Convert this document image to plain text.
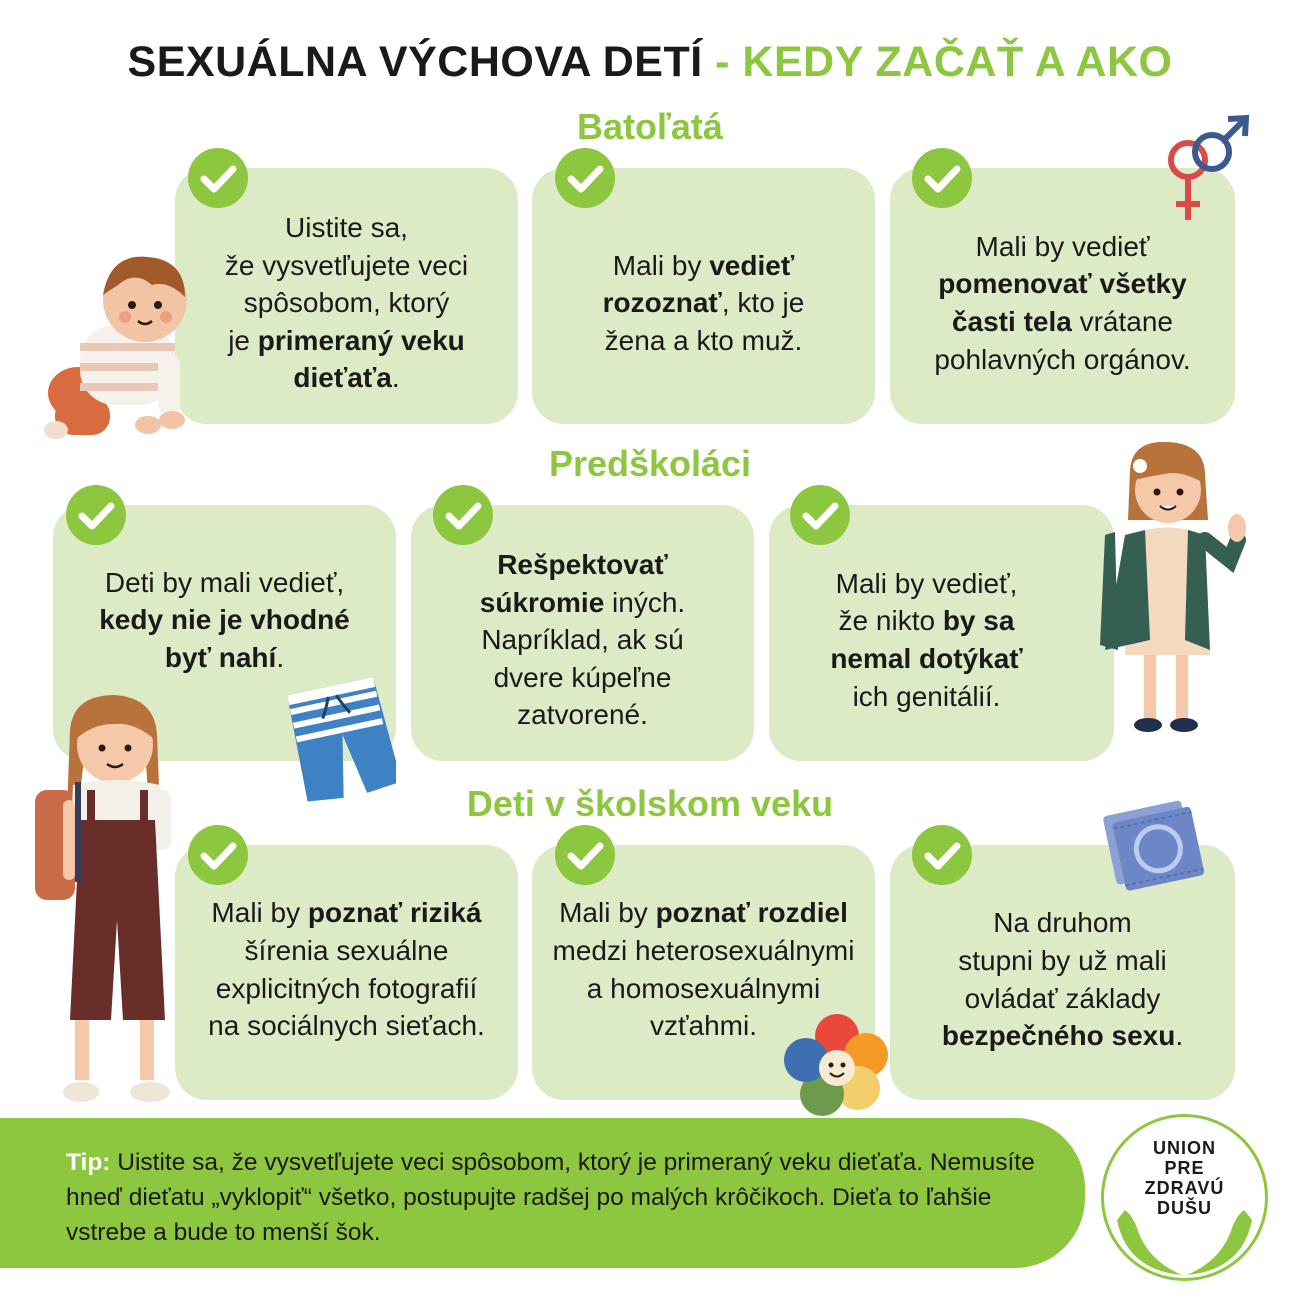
SEXUÁLNA VÝCHOVA DETÍ - KEDY ZAČAŤ A AKO
Batoľatá
Uistite sa,
že vysvetľujete veci
spôsobom, ktorý
je primeraný veku
dieťaťa.
Mali by vedieť
rozoznať, kto je
žena a kto muž.
Mali by vedieť
pomenovať všetky
časti tela vrátane
pohlavných orgánov.
Predškoláci
Deti by mali vedieť,
kedy nie je vhodné
byť nahí.
Rešpektovať
súkromie iných.
Napríklad, ak sú
dvere kúpeľne
zatvorené.
Mali by vedieť,
že nikto by sa
nemal dotýkať
ich genitálií.
Deti v školskom veku
Mali by poznať riziká
šírenia sexuálne
explicitných fotografií
na sociálnych sieťach.
Mali by poznať rozdiel
medzi heterosexuálnymi
a homosexuálnymi
vzťahmi.
Na druhom
stupni by už mali
ovládať základy
bezpečného sexu.
Tip: Uistite sa, že vysvetľujete veci spôsobom, ktorý je primeraný veku dieťaťa. Nemusíte hneď dieťatu „vyklopiť“ všetko, postupujte radšej po malých krôčikoch. Dieťa to ľahšie vstrebe a bude to menší šok.
UNION
PRE
ZDRAVÚ
DUŠU
